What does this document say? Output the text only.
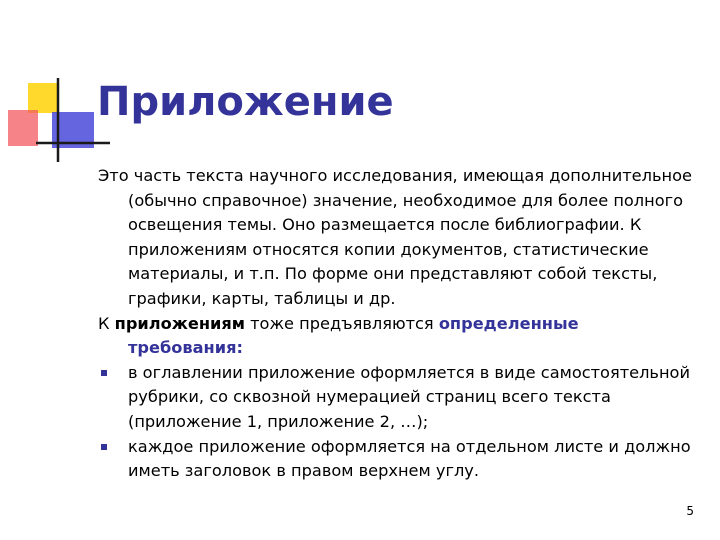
Приложение

Это часть текста научного исследования, имеющая дополнительное (обычно справочное) значение, необходимое для более полного освещения темы. Оно размещается после библиографии. К приложениям относятся копии документов, статистические материалы, и т.п. По форме они представляют собой тексты, графики, карты, таблицы и др.

К приложениям тоже предъявляются определенные требования:

в оглавлении приложение оформляется в виде самостоятельной рубрики, со сквозной нумерацией страниц всего текста (приложение 1, приложение 2, …);
каждое приложение оформляется на отдельном листе и должно иметь заголовок в правом верхнем углу.
5
